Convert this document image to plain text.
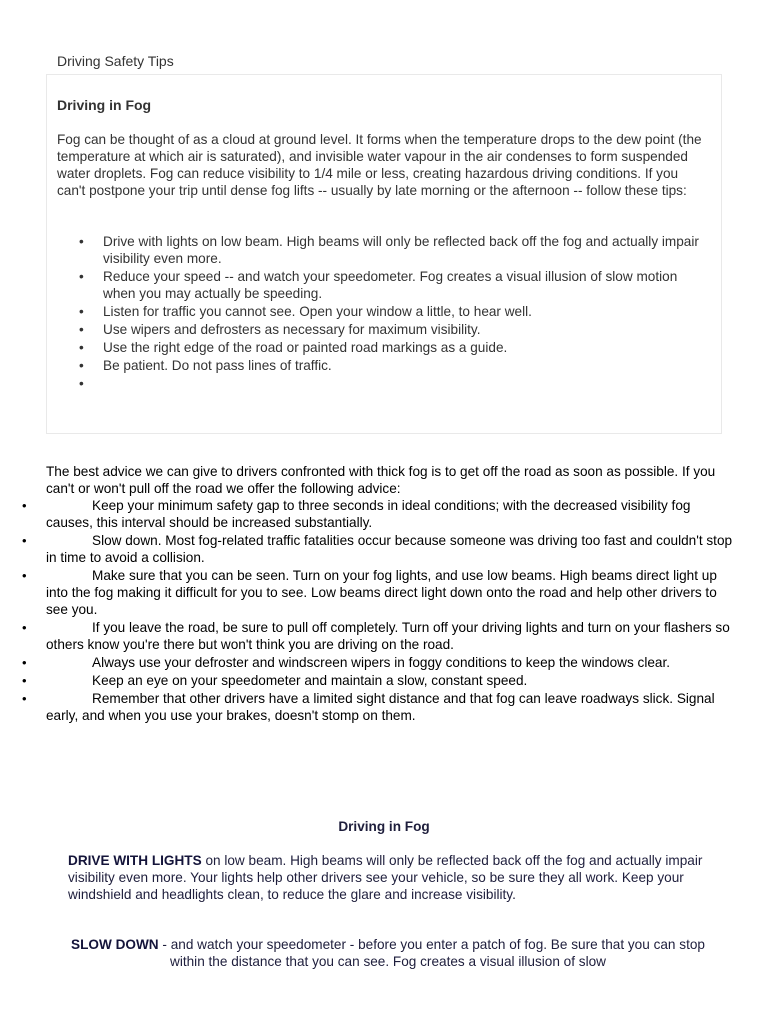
Driving Safety Tips
Driving in Fog

Fog can be thought of as a cloud at ground level. It forms when the temperature drops to the dew point (the temperature at which air is saturated), and invisible water vapour in the air condenses to form suspended water droplets. Fog can reduce visibility to 1/4 mile or less, creating hazardous driving conditions. If you can't postpone your trip until dense fog lifts -- usually by late morning or the afternoon -- follow these tips:

• Drive with lights on low beam. High beams will only be reflected back off the fog and actually impair visibility even more.
• Reduce your speed -- and watch your speedometer. Fog creates a visual illusion of slow motion when you may actually be speeding.
• Listen for traffic you cannot see. Open your window a little, to hear well.
• Use wipers and defrosters as necessary for maximum visibility.
• Use the right edge of the road or painted road markings as a guide.
• Be patient. Do not pass lines of traffic.
•

The best advice we can give to drivers confronted with thick fog is to get off the road as soon as possible. If you can't or won't pull off the road we offer the following advice:

• Keep your minimum safety gap to three seconds in ideal conditions; with the decreased visibility fog causes, this interval should be increased substantially.
• Slow down. Most fog-related traffic fatalities occur because someone was driving too fast and couldn't stop in time to avoid a collision.
• Make sure that you can be seen. Turn on your fog lights, and use low beams. High beams direct light up into the fog making it difficult for you to see. Low beams direct light down onto the road and help other drivers to see you.
• If you leave the road, be sure to pull off completely. Turn off your driving lights and turn on your flashers so others know you're there but won't think you are driving on the road.
• Always use your defroster and windscreen wipers in foggy conditions to keep the windows clear.
• Keep an eye on your speedometer and maintain a slow, constant speed.
• Remember that other drivers have a limited sight distance and that fog can leave roadways slick. Signal early, and when you use your brakes, doesn't stomp on them.
Driving in Fog

DRIVE WITH LIGHTS on low beam. High beams will only be reflected back off the fog and actually impair visibility even more. Your lights help other drivers see your vehicle, so be sure they all work. Keep your windshield and headlights clean, to reduce the glare and increase visibility.

SLOW DOWN - and watch your speedometer - before you enter a patch of fog. Be sure that you can stop within the distance that you can see. Fog creates a visual illusion of slow
